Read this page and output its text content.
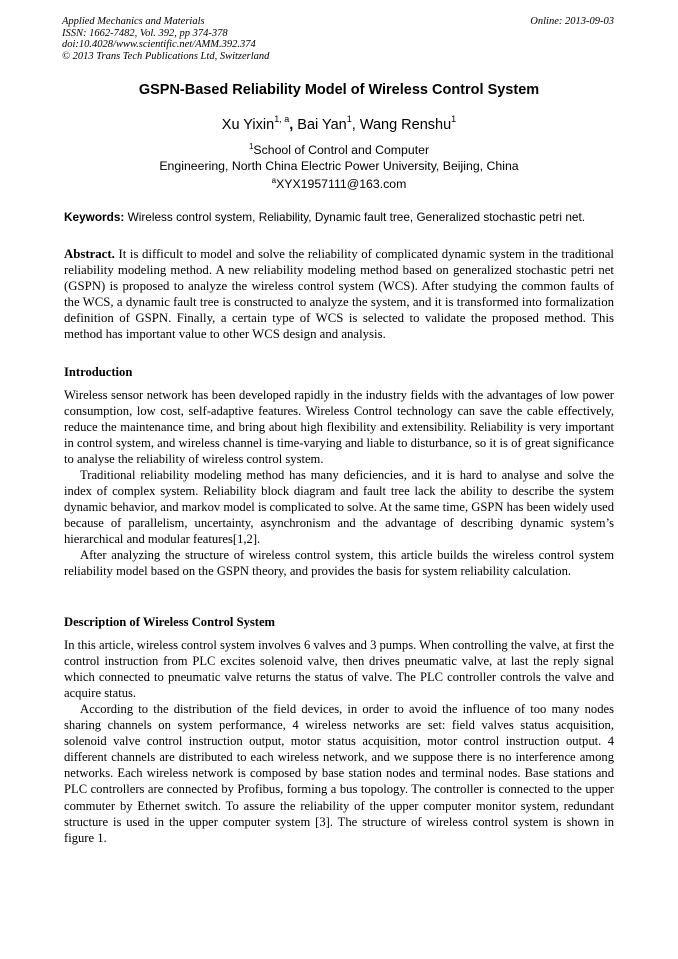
Applied Mechanics and Materials
ISSN: 1662-7482, Vol. 392, pp 374-378
doi:10.4028/www.scientific.net/AMM.392.374
© 2013 Trans Tech Publications Ltd, Switzerland
Online: 2013-09-03
GSPN-Based Reliability Model of Wireless Control System
Xu Yixin$^{1, a}$, Bai Yan$^1$, Wang Renshu$^1$
$^1$School of Control and Computer
Engineering, North China Electric Power University, Beijing, China
$^a$XYX1957111@163.com
Keywords: Wireless control system, Reliability, Dynamic fault tree, Generalized stochastic petri net.
Abstract. It is difficult to model and solve the reliability of complicated dynamic system in the traditional reliability modeling method. A new reliability modeling method based on generalized stochastic petri net (GSPN) is proposed to analyze the wireless control system (WCS). After studying the common faults of the WCS, a dynamic fault tree is constructed to analyze the system, and it is transformed into formalization definition of GSPN. Finally, a certain type of WCS is selected to validate the proposed method. This method has important value to other WCS design and analysis.
Introduction
Wireless sensor network has been developed rapidly in the industry fields with the advantages of low power consumption, low cost, self-adaptive features. Wireless Control technology can save the cable effectively, reduce the maintenance time, and bring about high flexibility and extensibility. Reliability is very important in control system, and wireless channel is time-varying and liable to disturbance, so it is of great significance to analyse the reliability of wireless control system.
Traditional reliability modeling method has many deficiencies, and it is hard to analyse and solve the index of complex system. Reliability block diagram and fault tree lack the ability to describe the system dynamic behavior, and markov model is complicated to solve. At the same time, GSPN has been widely used because of parallelism, uncertainty, asynchronism and the advantage of describing dynamic system’s hierarchical and modular features[1,2].
After analyzing the structure of wireless control system, this article builds the wireless control system reliability model based on the GSPN theory, and provides the basis for system reliability calculation.
Description of Wireless Control System
In this article, wireless control system involves 6 valves and 3 pumps. When controlling the valve, at first the control instruction from PLC excites solenoid valve, then drives pneumatic valve, at last the reply signal which connected to pneumatic valve returns the status of valve. The PLC controller controls the valve and acquire status.
According to the distribution of the field devices, in order to avoid the influence of too many nodes sharing channels on system performance, 4 wireless networks are set: field valves status acquisition, solenoid valve control instruction output, motor status acquisition, motor control instruction output. 4 different channels are distributed to each wireless network, and we suppose there is no interference among networks. Each wireless network is composed by base station nodes and terminal nodes. Base stations and PLC controllers are connected by Profibus, forming a bus topology. The controller is connected to the upper commuter by Ethernet switch. To assure the reliability of the upper computer monitor system, redundant structure is used in the upper computer system [3]. The structure of wireless control system is shown in figure 1.
